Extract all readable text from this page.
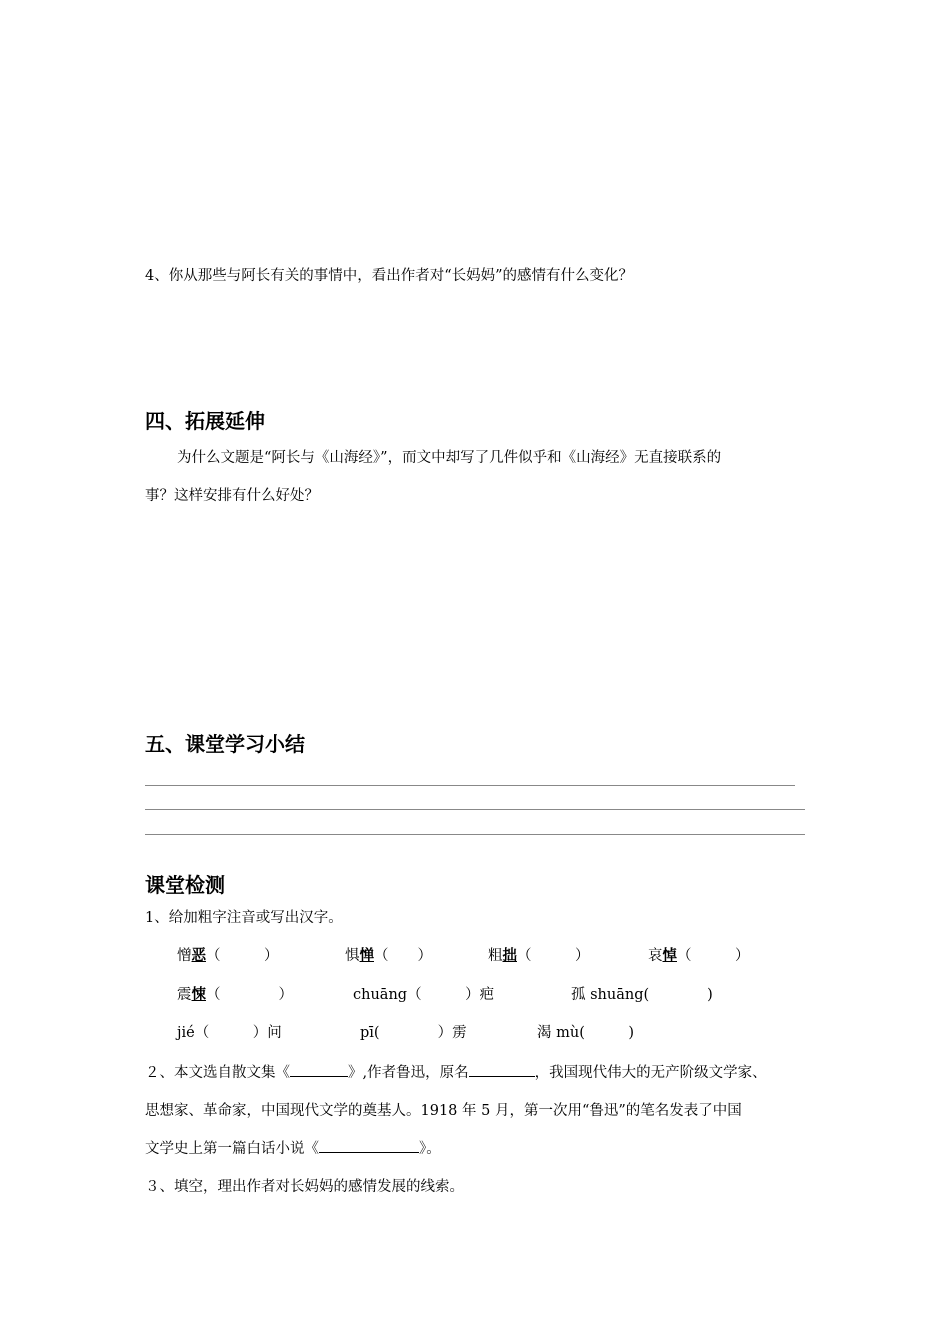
4、你从那些与阿长有关的事情中，看出作者对“长妈妈”的感情有什么变化？
四、拓展延伸
为什么文题是“阿长与《山海经》”，而文中却写了几件似乎和《山海经》无直接联系的
事？这样安排有什么好处？
五、课堂学习小结
课堂检测
1、给加粗字注音或写出汉字。
憎恶（　　　）	惧惮（　　）	粗拙（　　　）	哀悼（　　　）
震悚（　　　　）	chuāng（　　　）疤	孤 shuāng(　　　　)
jié（　　　）问	pī(　　　　）雳	渴 mù(　　　)
２、本文选自散文集《	》,作者鲁迅，原名	，我国现代伟大的无产阶级文学家、
思想家、革命家，中国现代文学的奠基人。1918 年 5 月，第一次用“鲁迅”的笔名发表了中国
文学史上第一篇白话小说《	》。
３、填空，理出作者对长妈妈的感情发展的线索。
